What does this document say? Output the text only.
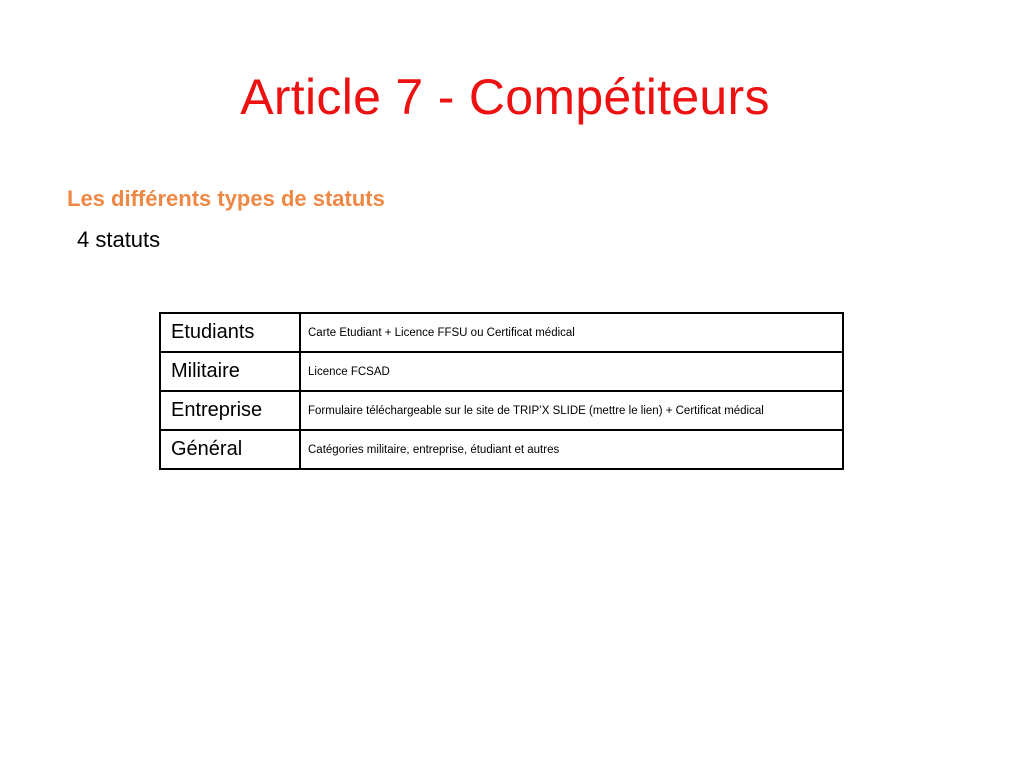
Article 7 - Compétiteurs
Les différents types de statuts
4 statuts
Etudiants	Carte Etudiant + Licence FFSU ou Certificat médical
Militaire	Licence FCSAD
Entreprise	Formulaire téléchargeable sur le site de TRIP’X SLIDE (mettre le lien) + Certificat médical
Général	Catégories militaire, entreprise, étudiant et autres
